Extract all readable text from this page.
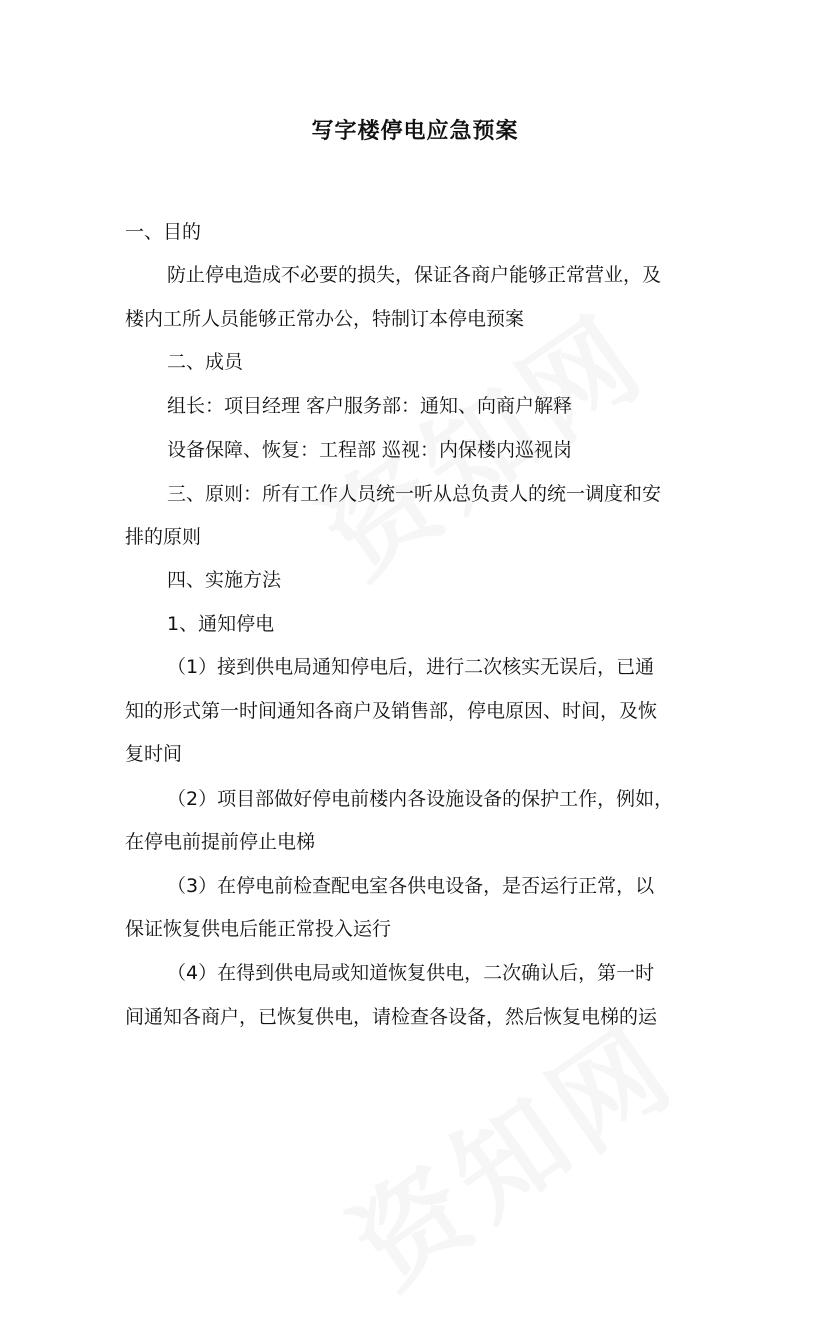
写字楼停电应急预案
一、目的
防止停电造成不必要的损失，保证各商户能够正常营业，及
楼内工所人员能够正常办公，特制订本停电预案
二、成员
组长：项目经理 客户服务部：通知、向商户解释
设备保障、恢复：工程部 巡视：内保楼内巡视岗
三、原则：所有工作人员统一听从总负责人的统一调度和安
排的原则
四、实施方法
1、通知停电
（1）接到供电局通知停电后，进行二次核实无误后，已通
知的形式第一时间通知各商户及销售部，停电原因、时间，及恢
复时间
（2）项目部做好停电前楼内各设施设备的保护工作，例如，
在停电前提前停止电梯
（3）在停电前检查配电室各供电设备，是否运行正常，以
保证恢复供电后能正常投入运行
（4）在得到供电局或知道恢复供电，二次确认后，第一时
间通知各商户，已恢复供电，请检查各设备，然后恢复电梯的运
